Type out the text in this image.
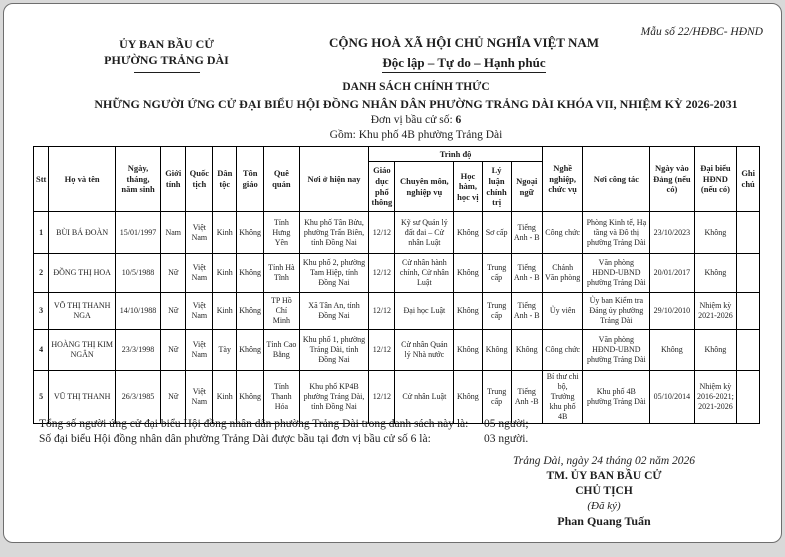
Mẫu số 22/HĐBC- HĐND
ỦY BAN BẦU CỬ
PHƯỜNG TRẢNG DÀI
CỘNG HOÀ XÃ HỘI CHỦ NGHĨA VIỆT NAM
Độc lập – Tự do – Hạnh phúc
DANH SÁCH CHÍNH THỨC
NHỮNG NGƯỜI ỨNG CỬ ĐẠI BIỂU HỘI ĐỒNG NHÂN DÂN PHƯỜNG TRẢNG DÀI KHÓA VII, NHIỆM KỲ 2026-2031
Đơn vị bầu cử số: 6
Gồm: Khu phố 4B phường Trảng Dài
Stt	Họ và tên	Ngày, tháng, năm sinh	Giới tính	Quốc tịch	Dân tộc	Tôn giáo	Quê quán	Nơi ở hiện nay	Trình độ					Nghề nghiệp, chức vụ	Nơi công tác	Ngày vào Đảng (nếu có)	Đại biểu HĐND (nếu có)	Ghi chú
									Giáo dục phổ thông	Chuyên môn, nghiệp vụ	Học hàm, học vị	Lý luận chính trị	Ngoại ngữ					
1	BÙI BÁ ĐOÀN	15/01/1997	Nam	Việt Nam	Kinh	Không	Tỉnh Hưng Yên	Khu phố Tân Bửu, phường Trấn Biên, tỉnh Đồng Nai	12/12	Kỹ sư Quản lý đất đai – Cử nhân Luật	Không	Sơ cấp	Tiếng Anh - B	Công chức	Phòng Kinh tế, Hạ tầng và Đô thị phường Trảng Dài	23/10/2023	Không	
2	ĐỒNG THỊ HOA	10/5/1988	Nữ	Việt Nam	Kinh	Không	Tỉnh Hà Tĩnh	Khu phố 2, phường Tam Hiệp, tỉnh Đồng Nai	12/12	Cử nhân hành chính, Cử nhân Luật	Không	Trung cấp	Tiếng Anh - B	Chánh Văn phòng	Văn phòng HĐND-UBND phường Trảng Dài	20/01/2017	Không	
3	VÕ THỊ THANH NGA	14/10/1988	Nữ	Việt Nam	Kinh	Không	TP Hồ Chí Minh	Xã Tân An, tỉnh Đồng Nai	12/12	Đại học Luật	Không	Trung cấp	Tiếng Anh - B	Ủy viên	Ủy ban Kiểm tra Đảng ủy phường Trảng Dài	29/10/2010	Nhiệm kỳ 2021-2026	
4	HOÀNG THỊ KIM NGÂN	23/3/1998	Nữ	Việt Nam	Tày	Không	Tỉnh Cao Bằng	Khu phố 1, phường Trảng Dài, tỉnh Đồng Nai	12/12	Cử nhân Quản lý Nhà nước	Không	Không	Không	Công chức	Văn phòng HĐND-UBND phường Trảng Dài	Không	Không	
5	VŨ THỊ THANH	26/3/1985	Nữ	Việt Nam	Kinh	Không	Tỉnh Thanh Hóa	Khu phố KP4B phường Trảng Dài, tỉnh Đồng Nai	12/12	Cử nhân Luật	Không	Trung cấp	Tiếng Anh -B	Bí thư chi bộ, Trưởng khu phố 4B	Khu phố 4B phường Trảng Dài	05/10/2014	Nhiệm kỳ 2016-2021; 2021-2026	
Tổng số người ứng cử đại biểu Hội đồng nhân dân phường Trảng Dài trong danh sách này là:	05 người;
Số đại biểu Hội đồng nhân dân phường Trảng Dài được bầu tại đơn vị bầu cử số 6 là:	03 người.
Trảng Dài, ngày 24 tháng 02 năm 2026
TM. ỦY BAN BẦU CỬ
CHỦ TỊCH
(Đã ký)
Phan Quang Tuấn
